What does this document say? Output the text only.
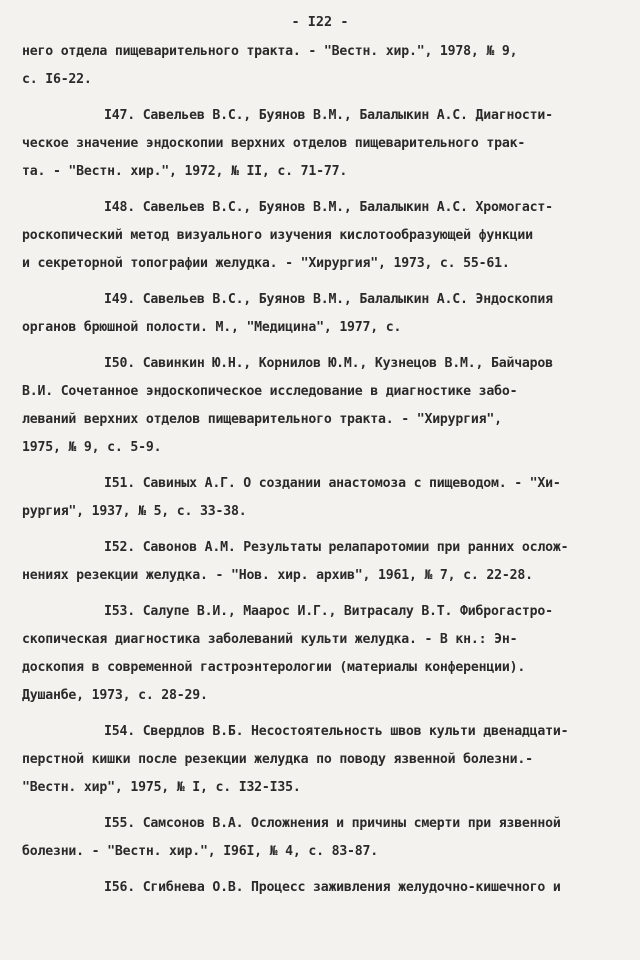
- I22 -
него отдела пищеварительного тракта. - "Вестн. хир.", 1978, № 9,
с. I6-22.
I47. Савельев В.С., Буянов В.М., Балалыкин А.С. Диагности-
ческое значение эндоскопии верхних отделов пищеварительного трак-
та. - "Вестн. хир.", 1972, № II, с. 71-77.
I48. Савельев В.С., Буянов В.М., Балалыкин А.С. Хромогаст-
роскопический метод визуального изучения кислотообразующей функции
и секреторной топографии желудка. - "Хирургия", 1973, с. 55-61.
I49. Савельев В.С., Буянов В.М., Балалыкин А.С. Эндоскопия
органов брюшной полости. М., "Медицина", 1977, с.
I50. Савинкин Ю.Н., Корнилов Ю.М., Кузнецов В.М., Байчаров
В.И. Сочетанное эндоскопическое исследование в диагностике забо-
леваний верхних отделов пищеварительного тракта. - "Хирургия",
1975, № 9, с. 5-9.
I51. Савиных А.Г. О создании анастомоза с пищеводом. - "Хи-
рургия", 1937, № 5, с. 33-38.
I52. Савонов А.М. Результаты релапаротомии при ранних ослож-
нениях резекции желудка. - "Нов. хир. архив", 1961, № 7, с. 22-28.
I53. Салупе В.И., Маарос И.Г., Витрасалу В.Т. Фиброгастро-
скопическая диагностика заболеваний культи желудка. - В кн.: Эн-
доскопия в современной гастроэнтерологии (материалы конференции).
Душанбе, 1973, с. 28-29.
I54. Свердлов В.Б. Несостоятельность швов культи двенадцати-
перстной кишки после резекции желудка по поводу язвенной болезни.-
"Вестн. хир", 1975, № I, с. I32-I35.
I55. Самсонов В.А. Осложнения и причины смерти при язвенной
болезни. - "Вестн. хир.", I96I, № 4, с. 83-87.
I56. Сгибнева О.В. Процесс заживления желудочно-кишечного и
